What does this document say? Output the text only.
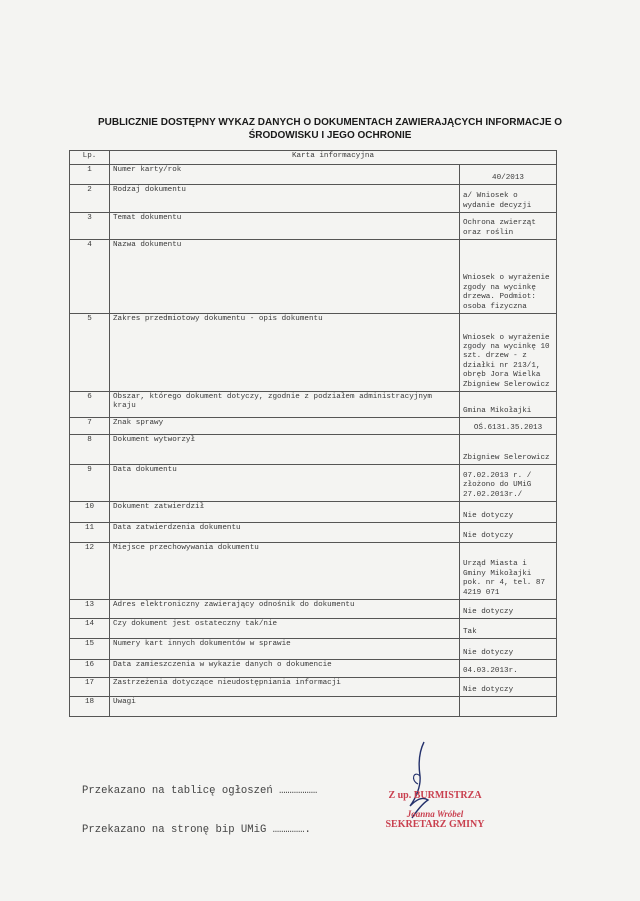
PUBLICZNIE DOSTĘPNY WYKAZ DANYCH O DOKUMENTACH ZAWIERAJĄCYCH INFORMACJE O
ŚRODOWISKU I JEGO OCHRONIE
Lp.	Karta informacyjna	
1	Numer karty/rok	40/2013
2	Rodzaj dokumentu	a/ Wniosek o wydanie decyzji
3	Temat dokumentu	Ochrona zwierząt oraz roślin
4	Nazwa dokumentu	Wniosek o wyrażenie zgody na wycinkę drzewa. Podmiot: osoba fizyczna
5	Zakres przedmiotowy dokumentu - opis dokumentu	Wniosek o wyrażenie zgody na wycinkę 10 szt. drzew - z działki nr 213/1, obręb Jora Wielka Zbigniew Selerowicz
6	Obszar, którego dokument dotyczy, zgodnie z podziałem administracyjnym kraju	Gmina Mikołajki
7	Znak sprawy	OŚ.6131.35.2013
8	Dokument wytworzył	Zbigniew Selerowicz
9	Data dokumentu	07.02.2013 r. / złożono do UMiG 27.02.2013r./
10	Dokument zatwierdził	Nie dotyczy
11	Data zatwierdzenia dokumentu	Nie dotyczy
12	Miejsce przechowywania dokumentu	Urząd Miasta i Gminy Mikołajki pok. nr 4, tel. 87 4219 071
13	Adres elektroniczny zawierający odnośnik do dokumentu	Nie dotyczy
14	Czy dokument jest ostateczny tak/nie	Tak
15	Numery kart innych dokumentów w sprawie	Nie dotyczy
16	Data zamieszczenia w wykazie danych o dokumencie	04.03.2013r.
17	Zastrzeżenia dotyczące nieudostępniania informacji	Nie dotyczy
18	Uwagi	

Przekazano na tablicę ogłoszeń ………………

Przekazano na stronę bip UMiG …………….

Z up. BURMISTRZA
Joanna Wróbel
SEKRETARZ GMINY
